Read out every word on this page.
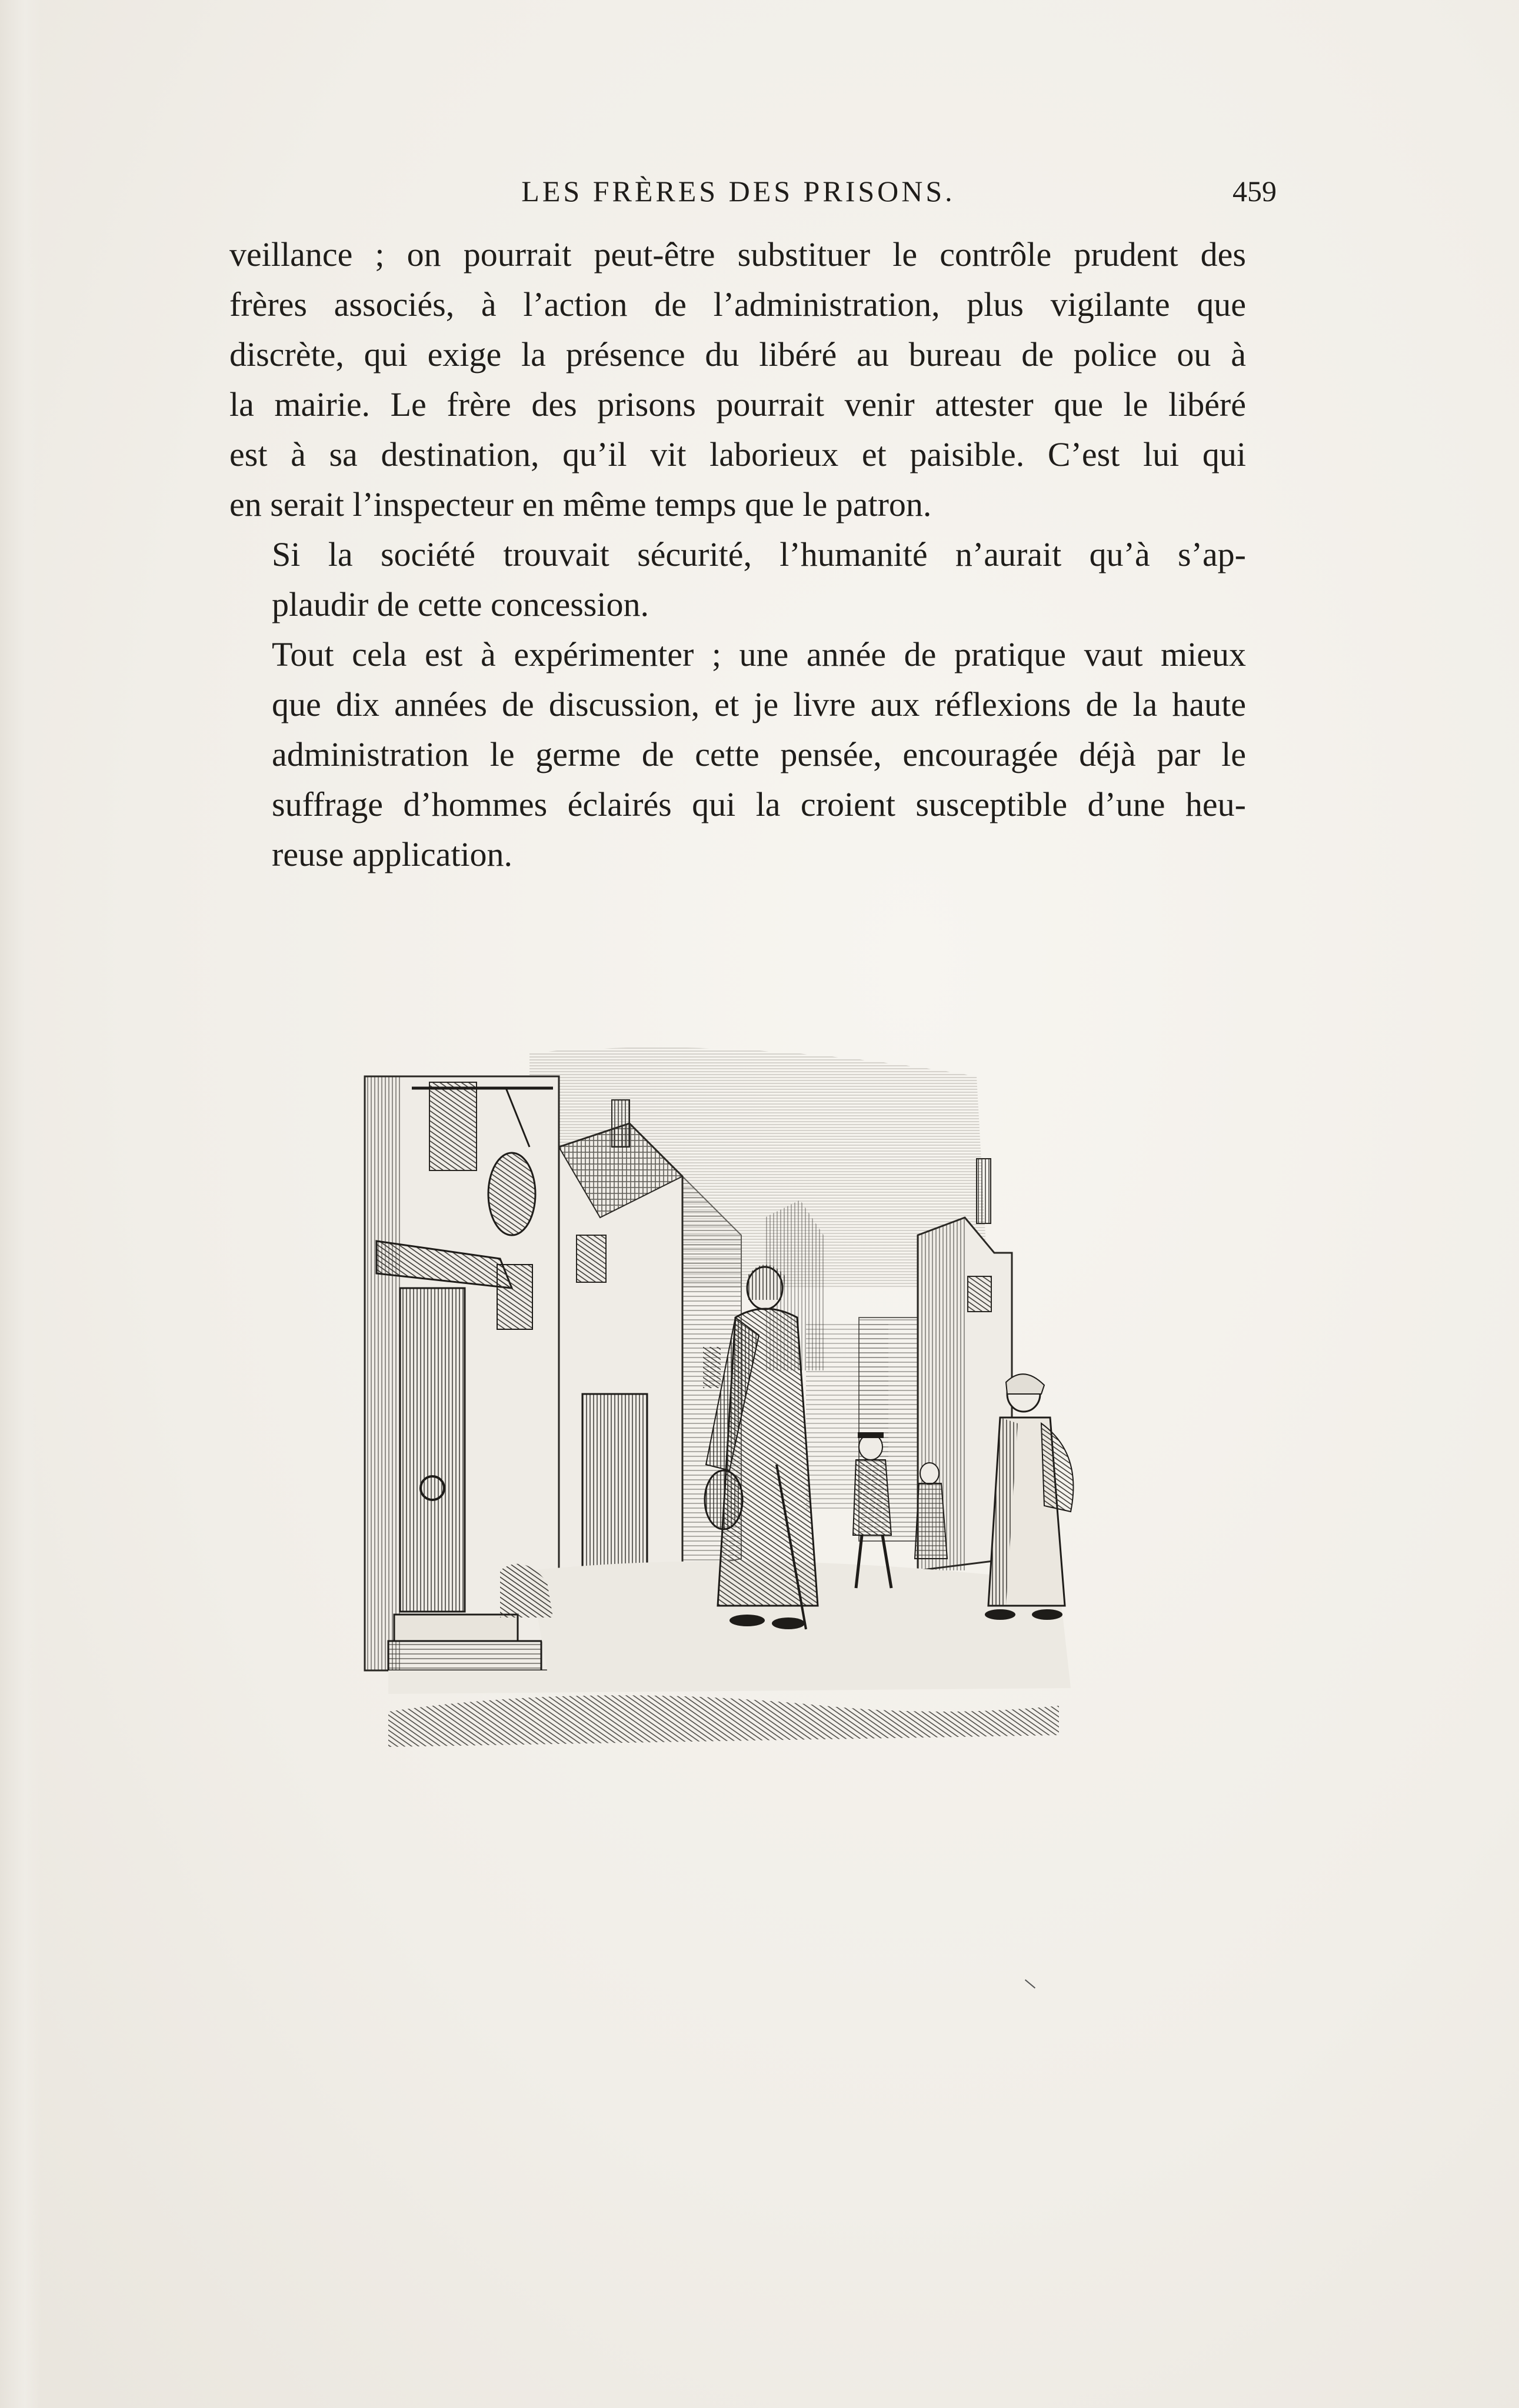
LES FRÈRES DES PRISONS.	459

veillance ; on pourrait peut-être substituer le contrôle prudent des
frères associés, à l’action de l’administration, plus vigilante que
discrète, qui exige la présence du libéré au bureau de police ou à
la mairie. Le frère des prisons pourrait venir attester que le libéré
est à sa destination, qu’il vit laborieux et paisible. C’est lui qui
en serait l’inspecteur en même temps que le patron.

Si la société trouvait sécurité, l’humanité n’aurait qu’à s’ap-
plaudir de cette concession.

Tout cela est à expérimenter ; une année de pratique vaut mieux
que dix années de discussion, et je livre aux réflexions de la haute
administration le germe de cette pensée, encouragée déjà par le
suffrage d’hommes éclairés qui la croient susceptible d’une heu-
reuse application.
